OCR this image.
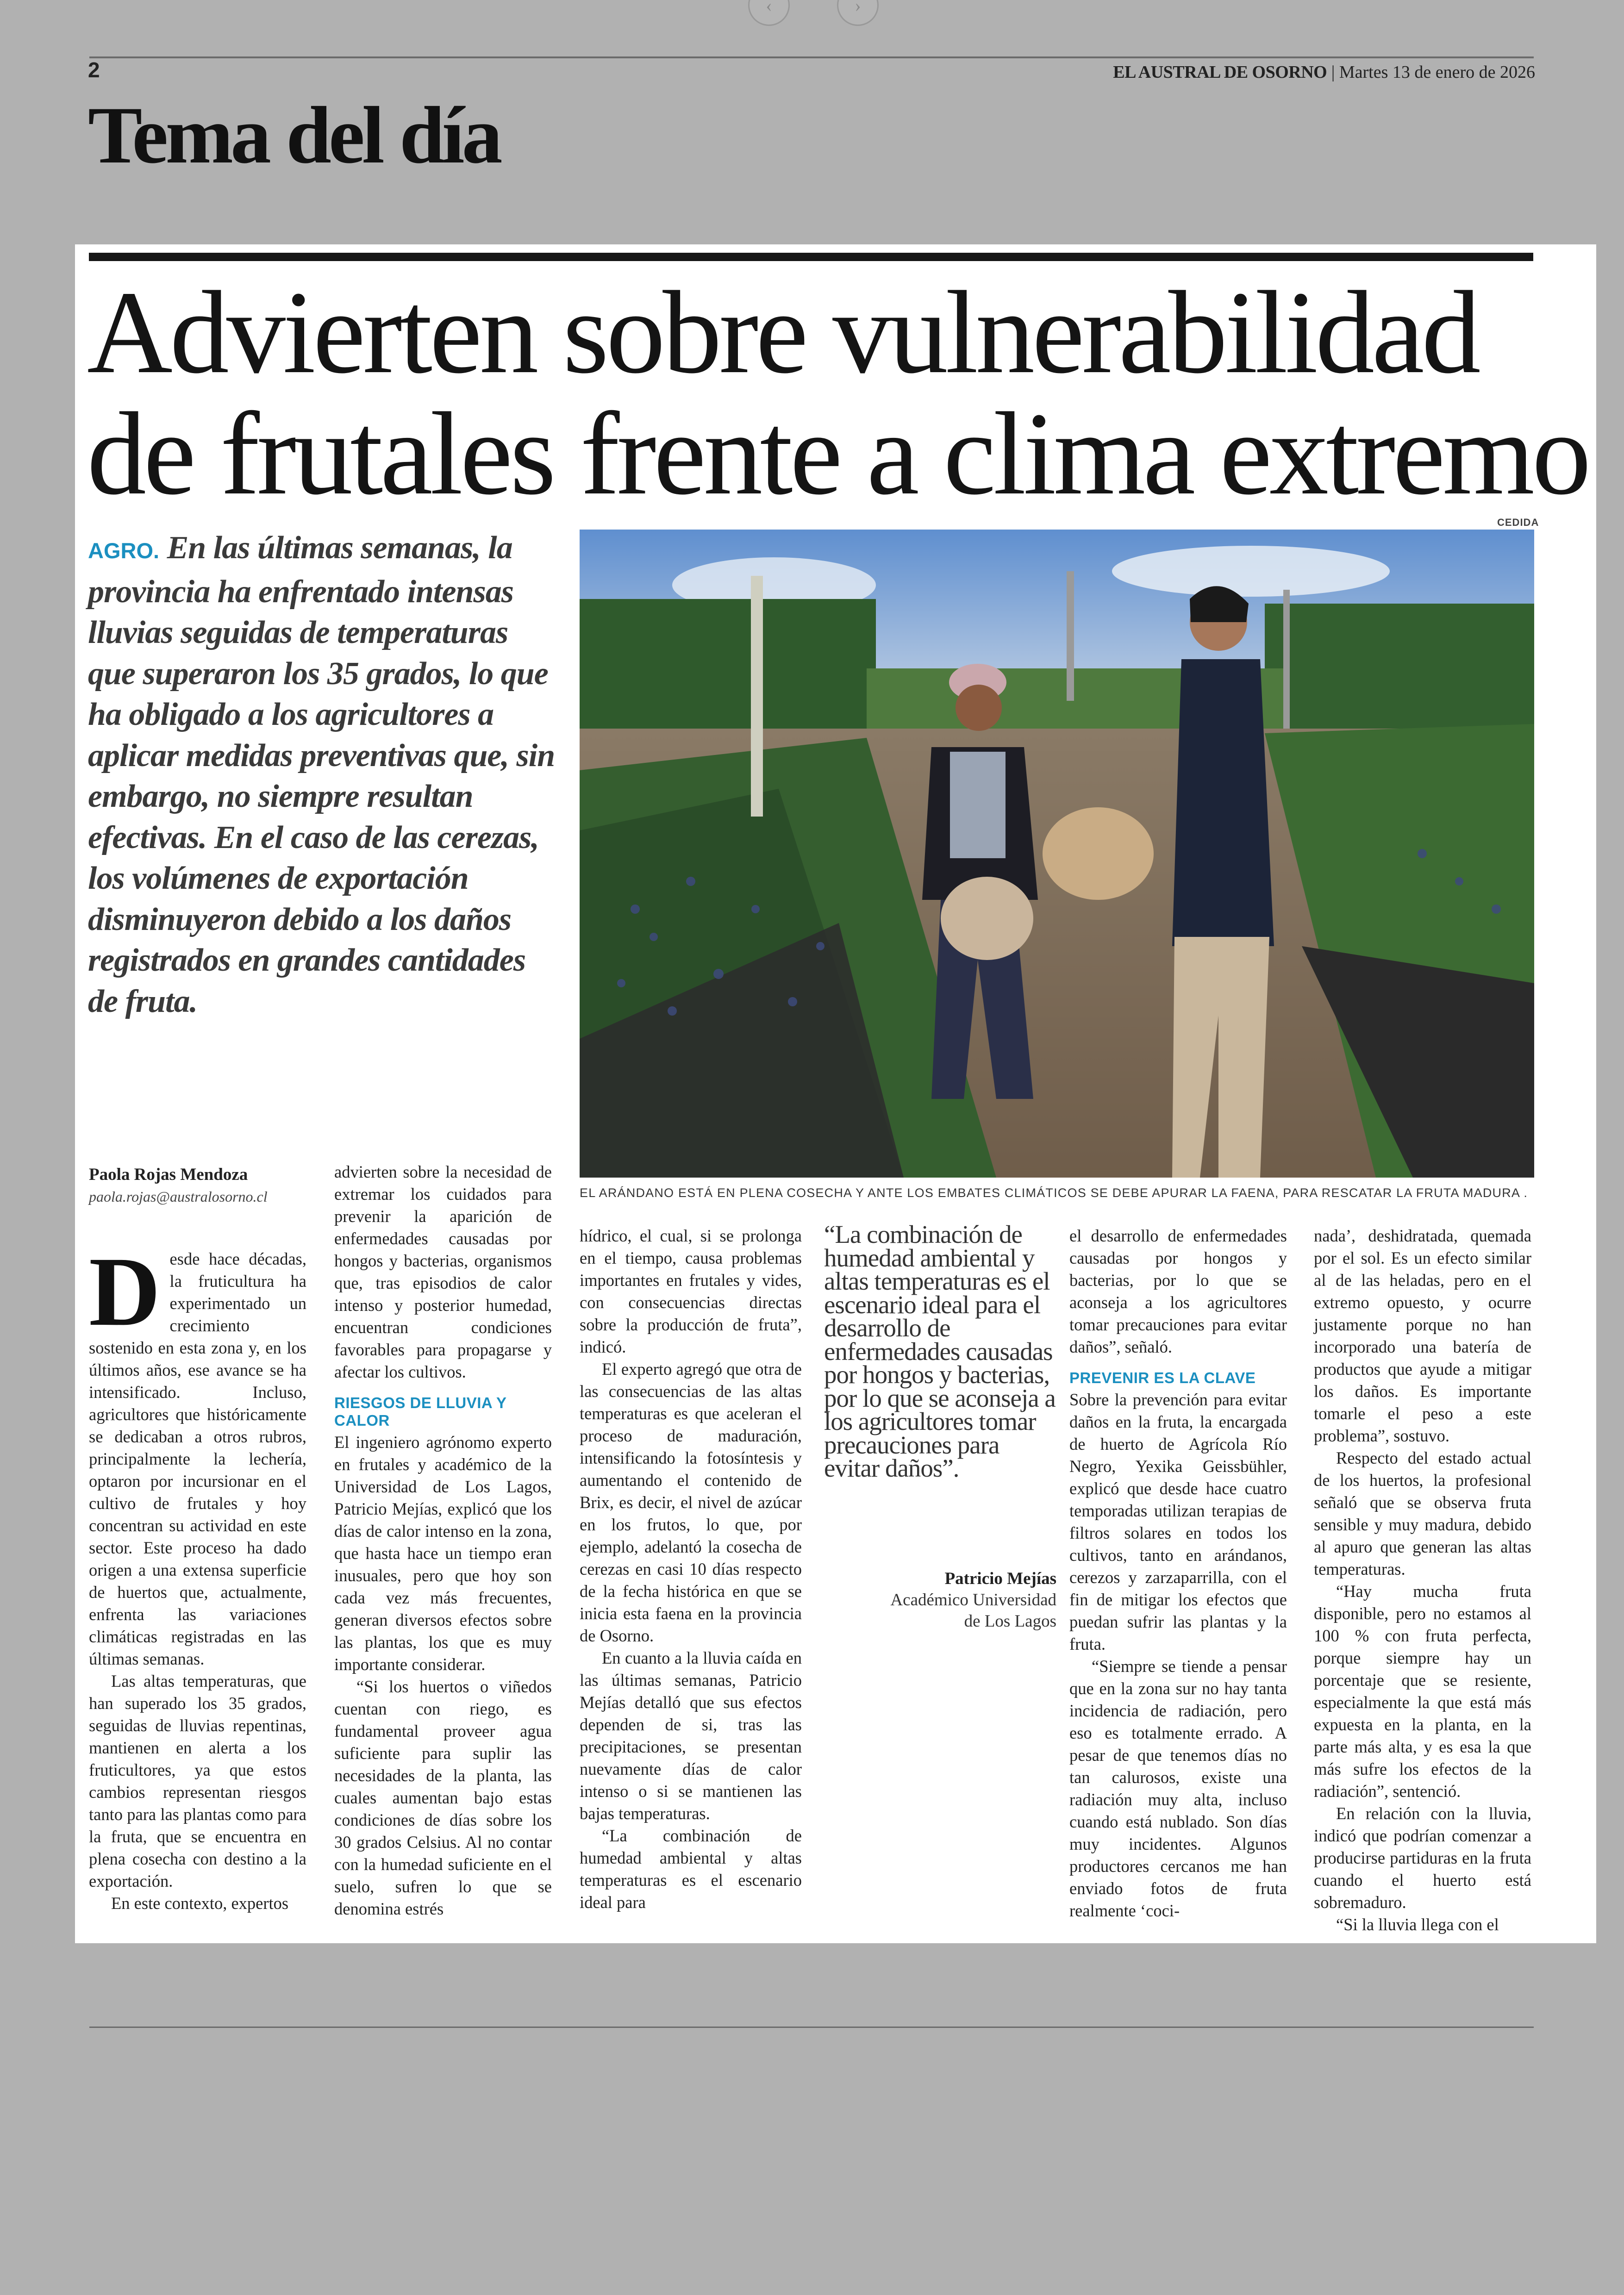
‹	›
2	EL AUSTRAL DE OSORNO | Martes 13 de enero de 2026
Tema del día
Advierten sobre vulnerabilidad
de frutales frente a clima extremo
AGRO. En las últimas semanas, la provincia ha enfrentado intensas lluvias seguidas de temperaturas que superaron los 35 grados, lo que ha obligado a los agricultores a aplicar medidas preventivas que, sin embargo, no siempre resultan efectivas. En el caso de las cerezas, los volúmenes de exportación disminuyeron debido a los daños registrados en grandes cantidades de fruta.
CEDIDA
EL ARÁNDANO ESTÁ EN PLENA COSECHA Y ANTE LOS EMBATES CLIMÁTICOS SE DEBE APURAR LA FAENA, PARA RESCATAR LA FRUTA MADURA .
Paola Rojas Mendoza
paola.rojas@australosorno.cl
D esde hace décadas, la fruticultura ha experimentado un crecimiento sostenido en esta zona y, en los últimos años, ese avance se ha intensificado. Incluso, agricultores que históricamente se dedicaban a otros rubros, principalmente la lechería, optaron por incursionar en el cultivo de frutales y hoy concentran su actividad en este sector. Este proceso ha dado origen a una extensa superficie de huertos que, actualmente, enfrenta las variaciones climáticas registradas en las últimas semanas.

Las altas temperaturas, que han superado los 35 grados, seguidas de lluvias repentinas, mantienen en alerta a los fruticultores, ya que estos cambios representan riesgos tanto para las plantas como para la fruta, que se encuentra en plena cosecha con destino a la exportación.

En este contexto, expertos

advierten sobre la necesidad de extremar los cuidados para prevenir la aparición de enfermedades causadas por hongos y bacterias, organismos que, tras episodios de calor intenso y posterior humedad, encuentran condiciones favorables para propagarse y afectar los cultivos.

RIESGOS DE LLUVIA Y CALOR

El ingeniero agrónomo experto en frutales y académico de la Universidad de Los Lagos, Patricio Mejías, explicó que los días de calor intenso en la zona, que hasta hace un tiempo eran inusuales, pero que hoy son cada vez más frecuentes, generan diversos efectos sobre las plantas, los que es muy importante considerar.

“Si los huertos o viñedos cuentan con riego, es fundamental proveer agua suficiente para suplir las necesidades de la planta, las cuales aumentan bajo estas condiciones de días sobre los 30 grados Celsius. Al no contar con la humedad suficiente en el suelo, sufren lo que se denomina estrés

hídrico, el cual, si se prolonga en el tiempo, causa problemas importantes en frutales y vides, con consecuencias directas sobre la producción de fruta”, indicó.

El experto agregó que otra de las consecuencias de las altas temperaturas es que aceleran el proceso de maduración, intensificando la fotosíntesis y aumentando el contenido de Brix, es decir, el nivel de azúcar en los frutos, lo que, por ejemplo, adelantó la cosecha de cerezas en casi 10 días respecto de la fecha histórica en que se inicia esta faena en la provincia de Osorno.

En cuanto a la lluvia caída en las últimas semanas, Patricio Mejías detalló que sus efectos dependen de si, tras las precipitaciones, se presentan nuevamente días de calor intenso o si se mantienen las bajas temperaturas.

“La combinación de humedad ambiental y altas temperaturas es el escenario ideal para

“La combinación de humedad ambiental y altas temperaturas es el escenario ideal para el desarrollo de enfermedades causadas por hongos y bacterias, por lo que se aconseja a los agricultores tomar precauciones para evitar daños”.
Patricio Mejías
Académico Universidad
de Los Lagos

el desarrollo de enfermedades causadas por hongos y bacterias, por lo que se aconseja a los agricultores tomar precauciones para evitar daños”, señaló.

PREVENIR ES LA CLAVE

Sobre la prevención para evitar daños en la fruta, la encargada de huerto de Agrícola Río Negro, Yexika Geissbühler, explicó que desde hace cuatro temporadas utilizan terapias de filtros solares en todos los cultivos, tanto en arándanos, cerezos y zarzaparrilla, con el fin de mitigar los efectos que puedan sufrir las plantas y la fruta.

“Siempre se tiende a pensar que en la zona sur no hay tanta incidencia de radiación, pero eso es totalmente errado. A pesar de que tenemos días no tan calurosos, existe una radiación muy alta, incluso cuando está nublado. Son días muy incidentes. Algunos productores cercanos me han enviado fotos de fruta realmente ‘coci-

nada’, deshidratada, quemada por el sol. Es un efecto similar al de las heladas, pero en el extremo opuesto, y ocurre justamente porque no han incorporado una batería de productos que ayude a mitigar los daños. Es importante tomarle el peso a este problema”, sostuvo.

Respecto del estado actual de los huertos, la profesional señaló que se observa fruta sensible y muy madura, debido al apuro que generan las altas temperaturas.

“Hay mucha fruta disponible, pero no estamos al 100 % con fruta perfecta, porque siempre hay un porcentaje que se resiente, especialmente la que está más expuesta en la planta, en la parte más alta, y es esa la que más sufre los efectos de la radiación”, sentenció.

En relación con la lluvia, indicó que podrían comenzar a producirse partiduras en la fruta cuando el huerto está sobremaduro.

“Si la lluvia llega con el
